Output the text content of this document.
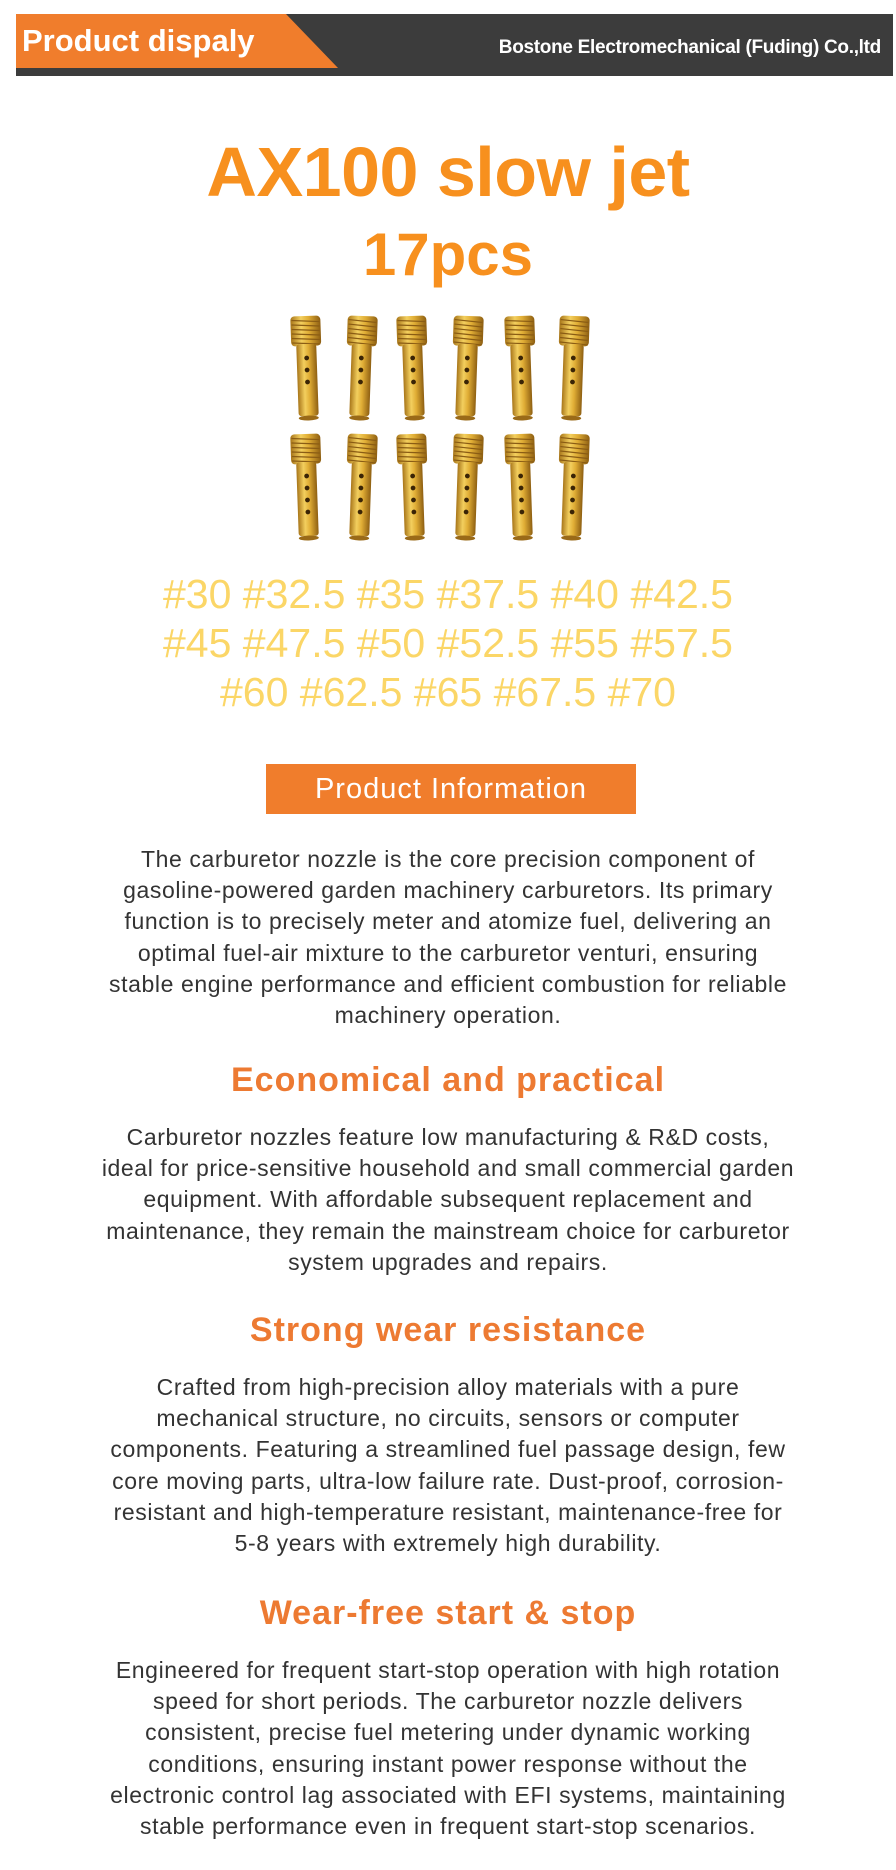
Product dispaly	Bostone Electromechanical (Fuding) Co.,ltd
AX100 slow jet
17pcs
#30 #32.5 #35 #37.5 #40 #42.5
#45 #47.5 #50 #52.5 #55 #57.5
#60 #62.5 #65 #67.5 #70
Product Information
The carburetor nozzle is the core precision component of
gasoline-powered garden machinery carburetors. Its primary
function is to precisely meter and atomize fuel, delivering an
optimal fuel-air mixture to the carburetor venturi, ensuring
stable engine performance and efficient combustion for reliable
machinery operation.
Economical and practical
Carburetor nozzles feature low manufacturing & R&D costs,
ideal for price-sensitive household and small commercial garden
equipment. With affordable subsequent replacement and
maintenance, they remain the mainstream choice for carburetor
system upgrades and repairs.
Strong wear resistance
Crafted from high-precision alloy materials with a pure
mechanical structure, no circuits, sensors or computer
components. Featuring a streamlined fuel passage design, few
core moving parts, ultra-low failure rate. Dust-proof, corrosion-
resistant and high-temperature resistant, maintenance-free for
5-8 years with extremely high durability.
Wear-free start & stop
Engineered for frequent start-stop operation with high rotation
speed for short periods. The carburetor nozzle delivers
consistent, precise fuel metering under dynamic working
conditions, ensuring instant power response without the
electronic control lag associated with EFI systems, maintaining
stable performance even in frequent start-stop scenarios.
